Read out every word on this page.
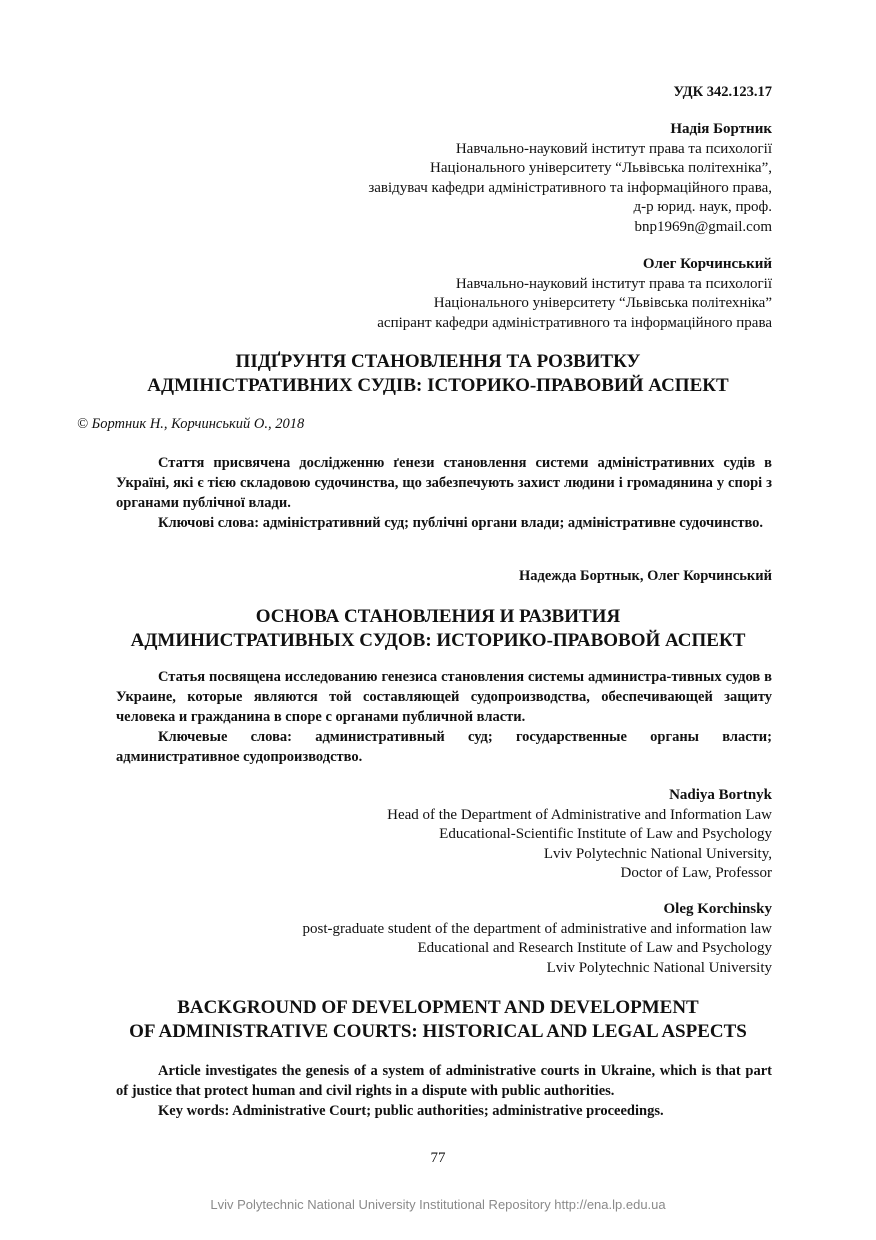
УДК 342.123.17
Надія Бортник
Навчально-науковий інститут права та психології
Національного університету “Львівська політехніка”,
завідувач кафедри адміністративного та інформаційного права,
д-р юрид. наук, проф.
bnp1969n@gmail.com
Олег Корчинський
Навчально-науковий інститут права та психології
Національного університету “Львівська політехніка”
аспірант кафедри адміністративного та інформаційного права
ПІДҐРУНТЯ СТАНОВЛЕННЯ ТА РОЗВИТКУ
АДМІНІСТРАТИВНИХ СУДІВ: ІСТОРИКО-ПРАВОВИЙ АСПЕКТ
© Бортник Н., Корчинський О., 2018

Стаття присвячена дослідженню ґенези становлення системи адміністративних судів в Україні, які є тією складовою судочинства, що забезпечують захист людини і громадянина у спорі з органами публічної влади.

Ключові слова: адміністративний суд; публічні органи влади; адміністративне судочинство.

Надежда Бортнык, Олег Корчинський
ОСНОВА СТАНОВЛЕНИЯ И РАЗВИТИЯ
АДМИНИСТРАТИВНЫХ СУДОВ: ИСТОРИКО-ПРАВОВОЙ АСПЕКТ

Статья посвящена исследованию генезиса становления системы администра-тивных судов в Украине, которые являются той составляющей судопроизводства, обеспечивающей защиту человека и гражданина в споре с органами публичной власти.

Ключевые слова: административный суд; государственные органы власти; административное судопроизводство.

Nadiya Bortnyk
Head of the Department of Administrative and Information Law
Educational-Scientific Institute of Law and Psychology
Lviv Polytechnic National University,
Doctor of Law, Professor
Oleg Korchinsky
post-graduate student of the department of administrative and information law
Educational and Research Institute of Law and Psychology
Lviv Polytechnic National University
BACKGROUND OF DEVELOPMENT AND DEVELOPMENT
OF ADMINISTRATIVE COURTS: HISTORICAL AND LEGAL ASPECTS

Article investigates the genesis of a system of administrative courts in Ukraine, which is that part of justice that protect human and civil rights in a dispute with public authorities.

Key words: Administrative Court; public authorities; administrative proceedings.

77
Lviv Polytechnic National University Institutional Repository http://ena.lp.edu.ua
